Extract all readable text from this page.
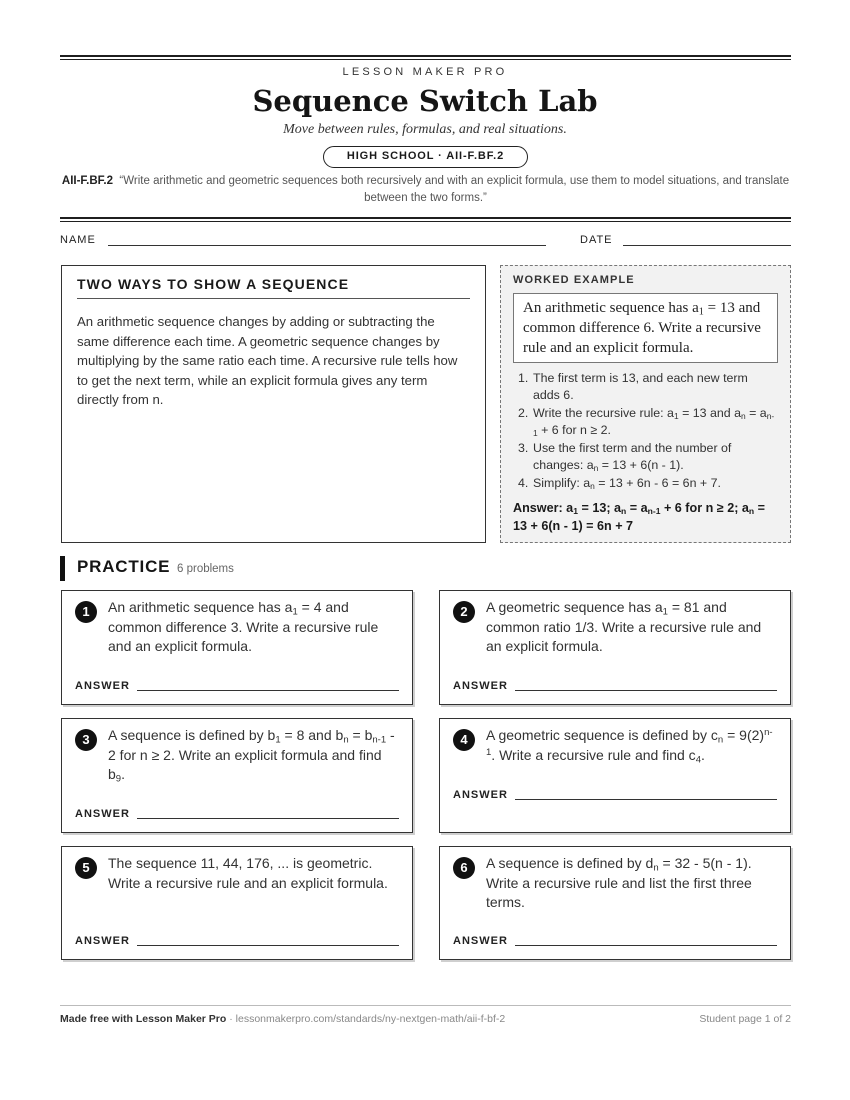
LESSON MAKER PRO
Sequence Switch Lab
Move between rules, formulas, and real situations.
HIGH SCHOOL · AII-F.BF.2
AII-F.BF.2 “Write arithmetic and geometric sequences both recursively and with an explicit formula, use them to model situations, and translate between the two forms.”
NAME	DATE
TWO WAYS TO SHOW A SEQUENCE

An arithmetic sequence changes by adding or subtracting the same difference each time. A geometric sequence changes by multiplying by the same ratio each time. A recursive rule tells how to get the next term, while an explicit formula gives any term directly from n.

WORKED EXAMPLE
An arithmetic sequence has $a_1 = 13$ and common difference 6. Write a recursive rule and an explicit formula.
1. The first term is 13, and each new term adds 6.
2. Write the recursive rule: $a_1 = 13$ and $a_n = a_{n-1} + 6$ for n ≥ 2.
3. Use the first term and the number of changes: $a_n = 13 + 6(n - 1)$.
4. Simplify: $a_n = 13 + 6n - 6 = 6n + 7$.
Answer: $a_1 = 13$; $a_n = a_{n-1} + 6$ for n ≥ 2; $a_n = 13 + 6(n - 1) = 6n + 7$
PRACTICE 6 problems
1	An arithmetic sequence has $a_1 = 4$ and common difference 3. Write a recursive rule and an explicit formula.
ANSWER
2	A geometric sequence has $a_1 = 81$ and common ratio 1/3. Write a recursive rule and an explicit formula.
ANSWER
3	A sequence is defined by $b_1 = 8$ and $b_n = b_{n-1} - 2$ for n ≥ 2. Write an explicit formula and find $b_9$.
ANSWER
4	A geometric sequence is defined by $c_n = 9(2)^{n-1}$. Write a recursive rule and find $c_4$.
ANSWER
5	The sequence 11, 44, 176, ... is geometric. Write a recursive rule and an explicit formula.
ANSWER
6	A sequence is defined by $d_n = 32 - 5(n - 1)$. Write a recursive rule and list the first three terms.
ANSWER
Made free with Lesson Maker Pro · lessonmakerpro.com/standards/ny-nextgen-math/aii-f-bf-2	Student page 1 of 2
